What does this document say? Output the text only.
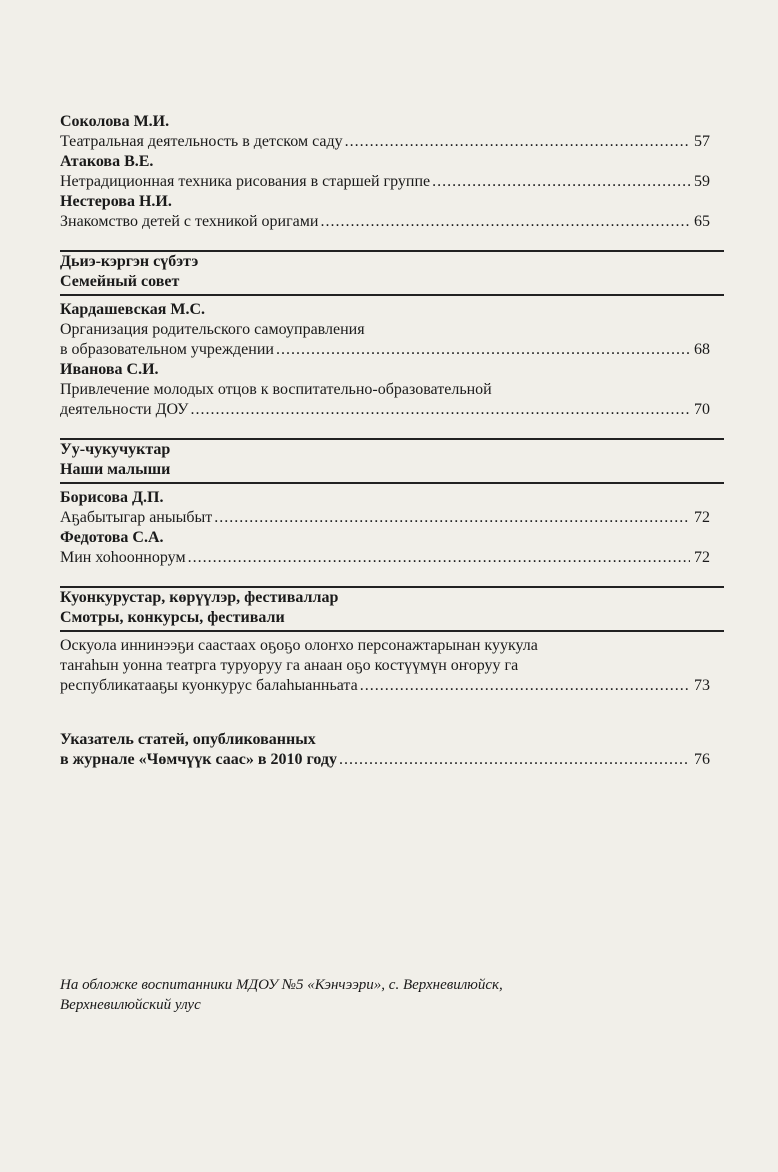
Соколова М.И.
Театральная деятельность в детском саду .....	57
Атакова В.Е.
Нетрадиционная техника рисования в старшей группе .....	59
Нестерова Н.И.
Знакомство детей с техникой оригами .....	65
Дьиэ-кэргэн сүбэтэ
Семейный совет
Кардашевская М.С.
Организация родительского самоуправления
в образовательном учреждении .....	68
Иванова С.И.
Привлечение молодых отцов к воспитательно-образовательной
деятельности ДОУ .....	70
Уу-чукучуктар
Наши малыши
Борисова Д.П.
Аҕабытыгар аныыбыт .....	72
Федотова С.А.
Мин хоһооннорум .....	72
Куонкурустар, көрүүлэр, фестиваллар
Смотры, конкурсы, фестивали
Оскуола иннинээҕи саастаах оҕоҕо олоҥхо персонажтарынан куукула
таҥаһын уонна театрга туруоруу га анаан оҕо костүүмүн оҥоруу га
республикатааҕы куонкурус балаһыанньата .....	73
Указатель статей, опубликованных
в журнале «Чөмчүүк саас» в 2010 году .....	76
На обложке воспитанники МДОУ №5 «Кэнчээри», с. Верхневилюйск,
Верхневилюйский улус
